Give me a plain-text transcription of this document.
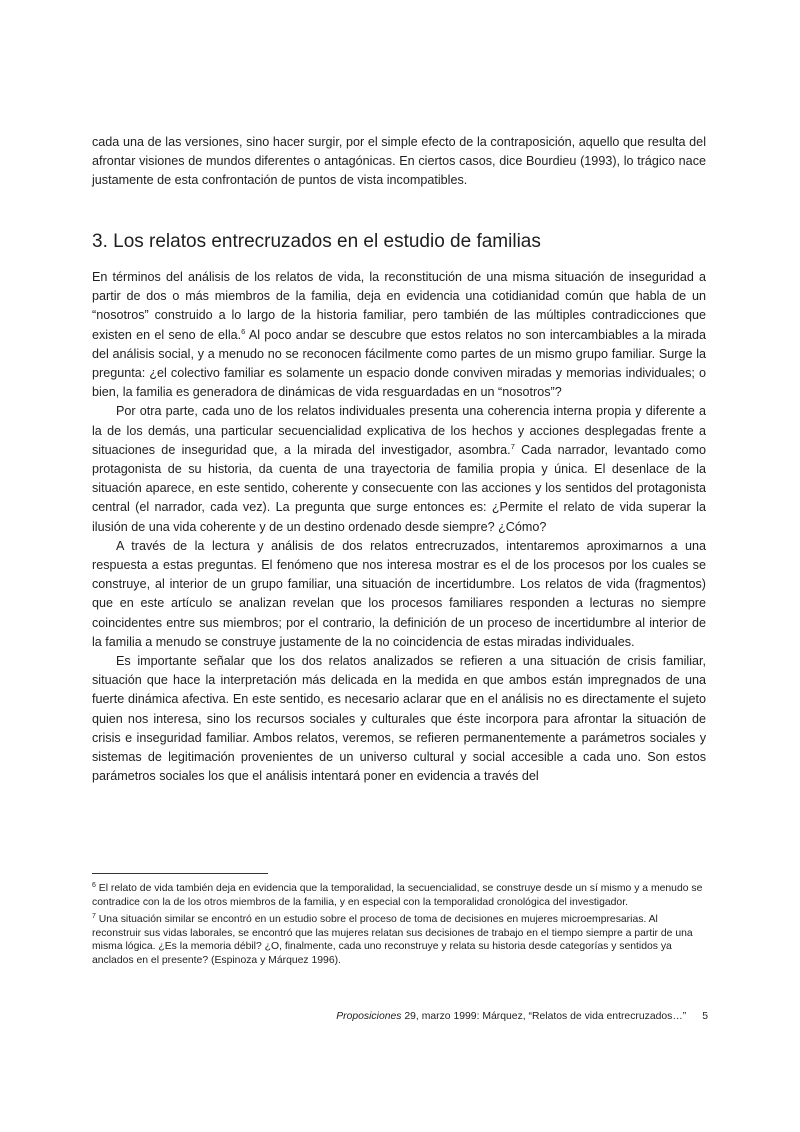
cada una de las versiones, sino hacer surgir, por el simple efecto de la contraposición, aquello que resulta del afrontar visiones de mundos diferentes o antagónicas. En ciertos casos, dice Bourdieu (1993), lo trágico nace justamente de esta confrontación de puntos de vista incompatibles.

3. Los relatos entrecruzados en el estudio de familias

En términos del análisis de los relatos de vida, la reconstitución de una misma situación de inseguridad a partir de dos o más miembros de la familia, deja en evidencia una cotidianidad común que habla de un “nosotros” construido a lo largo de la historia familiar, pero también de las múltiples contradicciones que existen en el seno de ella.$^6$ Al poco andar se descubre que estos relatos no son intercambiables a la mirada del análisis social, y a menudo no se reconocen fácilmente como partes de un mismo grupo familiar. Surge la pregunta: ¿el colectivo familiar es solamente un espacio donde conviven miradas y memorias individuales; o bien, la familia es generadora de dinámicas de vida resguardadas en un “nosotros”?

Por otra parte, cada uno de los relatos individuales presenta una coherencia interna propia y diferente a la de los demás, una particular secuencialidad explicativa de los hechos y acciones desplegadas frente a situaciones de inseguridad que, a la mirada del investigador, asombra.$^7$ Cada narrador, levantado como protagonista de su historia, da cuenta de una trayectoria de familia propia y única. El desenlace de la situación aparece, en este sentido, coherente y consecuente con las acciones y los sentidos del protagonista central (el narrador, cada vez). La pregunta que surge entonces es: ¿Permite el relato de vida superar la ilusión de una vida coherente y de un destino ordenado desde siempre? ¿Cómo?

A través de la lectura y análisis de dos relatos entrecruzados, intentaremos aproximarnos a una respuesta a estas preguntas. El fenómeno que nos interesa mostrar es el de los procesos por los cuales se construye, al interior de un grupo familiar, una situación de incertidumbre. Los relatos de vida (fragmentos) que en este artículo se analizan revelan que los procesos familiares responden a lecturas no siempre coincidentes entre sus miembros; por el contrario, la definición de un proceso de incertidumbre al interior de la familia a menudo se construye justamente de la no coincidencia de estas miradas individuales.

Es importante señalar que los dos relatos analizados se refieren a una situación de crisis familiar, situación que hace la interpretación más delicada en la medida en que ambos están impregnados de una fuerte dinámica afectiva. En este sentido, es necesario aclarar que en el análisis no es directamente el sujeto quien nos interesa, sino los recursos sociales y culturales que éste incorpora para afrontar la situación de crisis e inseguridad familiar. Ambos relatos, veremos, se refieren permanentemente a parámetros sociales y sistemas de legitimación provenientes de un universo cultural y social accesible a cada uno. Son estos parámetros sociales los que el análisis intentará poner en evidencia a través del

$^6$ El relato de vida también deja en evidencia que la temporalidad, la secuencialidad, se construye desde un sí mismo y a menudo se contradice con la de los otros miembros de la familia, y en especial con la temporalidad cronológica del investigador.

$^7$ Una situación similar se encontró en un estudio sobre el proceso de toma de decisiones en mujeres microempresarias. Al reconstruir sus vidas laborales, se encontró que las mujeres relatan sus decisiones de trabajo en el tiempo siempre a partir de una misma lógica. ¿Es la memoria débil? ¿O, finalmente, cada uno reconstruye y relata su historia desde categorías y sentidos ya anclados en el presente? (Espinoza y Márquez 1996).

Proposiciones 29, marzo 1999: Márquez, “Relatos de vida entrecruzados…” 5
